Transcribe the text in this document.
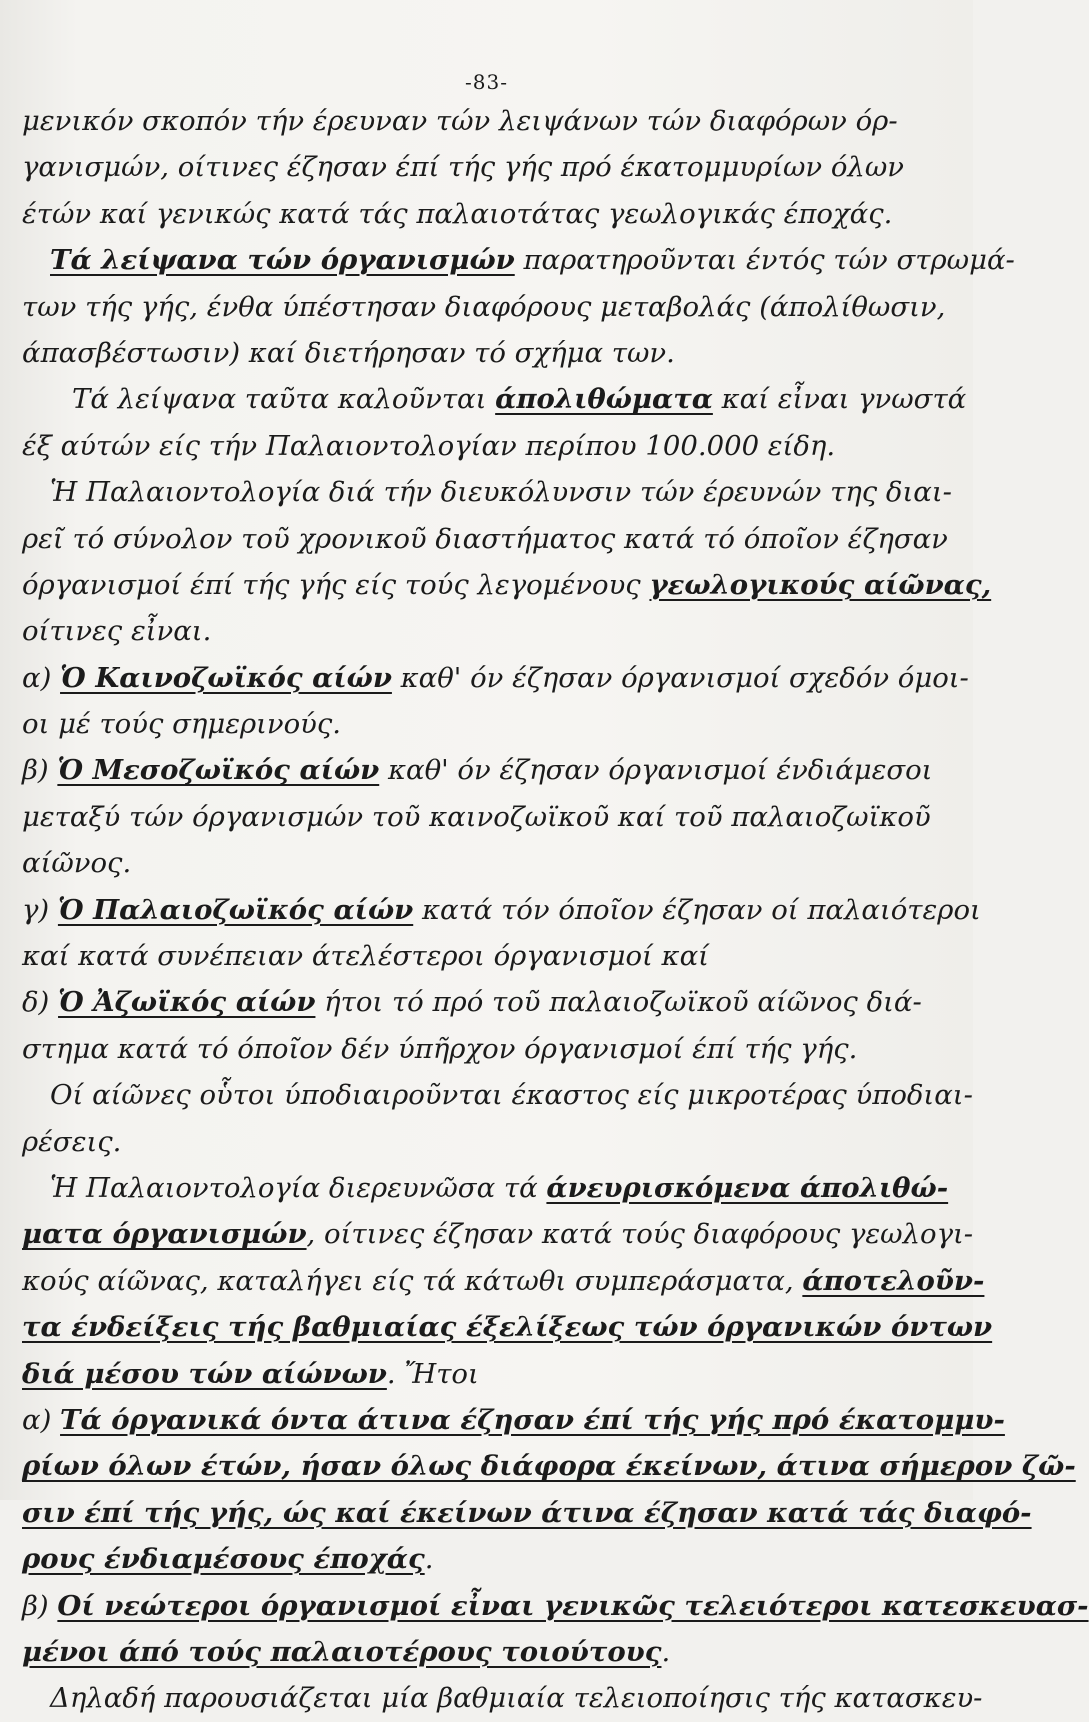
-83-
μενικόν σκοπόν τήν έρευναν τών λειψάνων τών διαφόρων όρ-
γανισμών, οίτινες έζησαν έπί τής γής πρό έκατομμυρίων όλων
έτών καί γενικώς κατά τάς παλαιοτάτας γεωλογικάς έποχάς.
Τά λείψανα τών όργανισμών παρατηροῦνται έντός τών στρωμά-
των τής γής, ένθα ύπέστησαν διαφόρους μεταβολάς (άπολίθωσιν,
άπασβέστωσιν) καί διετήρησαν τό σχήμα των.
Τά λείψανα ταῦτα καλοῦνται άπολιθώματα καί εἶναι γνωστά
έξ αύτών είς τήν Παλαιοντολογίαν περίπου 100.000 είδη.
Ἡ Παλαιοντολογία διά τήν διευκόλυνσιν τών έρευνών της διαι-
ρεῖ τό σύνολον τοῦ χρονικοῦ διαστήματος κατά τό όποῖον έζησαν
όργανισμοί έπί τής γής είς τούς λεγομένους γεωλογικούς αίῶνας,
οίτινες εἶναι.
α) Ὁ Καινοζωϊκός αίών καθ' όν έζησαν όργανισμοί σχεδόν όμοι-
οι μέ τούς σημερινούς.
β) Ὁ Μεσοζωϊκός αίών καθ' όν έζησαν όργανισμοί ένδιάμεσοι
μεταξύ τών όργανισμών τοῦ καινοζωϊκοῦ καί τοῦ παλαιοζωϊκοῦ
αίῶνος.
γ) Ὁ Παλαιοζωϊκός αίών κατά τόν όποῖον έζησαν οί παλαιότεροι
καί κατά συνέπειαν άτελέστεροι όργανισμοί καί
δ) Ὁ Ἀζωϊκός αίών ήτοι τό πρό τοῦ παλαιοζωϊκοῦ αίῶνος διά-
στημα κατά τό όποῖον δέν ύπῆρχον όργανισμοί έπί τής γής.
Οί αίῶνες οὗτοι ύποδιαιροῦνται έκαστος είς μικροτέρας ύποδιαι-
ρέσεις.
Ἡ Παλαιοντολογία διερευνῶσα τά άνευρισκόμενα άπολιθώ-
ματα όργανισμών, οίτινες έζησαν κατά τούς διαφόρους γεωλογι-
κούς αίῶνας, καταλήγει είς τά κάτωθι συμπεράσματα, άποτελοῦν-
τα ένδείξεις τής βαθμιαίας έξελίξεως τών όργανικών όντων
διά μέσου τών αίώνων. Ἤτοι
α) Τά όργανικά όντα άτινα έζησαν έπί τής γής πρό έκατομμυ-
ρίων όλων έτών, ήσαν όλως διάφορα έκείνων, άτινα σήμερον ζῶ-
σιν έπί τής γής, ώς καί έκείνων άτινα έζησαν κατά τάς διαφό-
ρους ένδιαμέσους έποχάς.
β) Οί νεώτεροι όργανισμοί εἶναι γενικῶς τελειότεροι κατεσκευασ-
μένοι άπό τούς παλαιοτέρους τοιούτους.
Δηλαδή παρουσιάζεται μία βαθμιαία τελειοποίησις τής κατασκευ-
